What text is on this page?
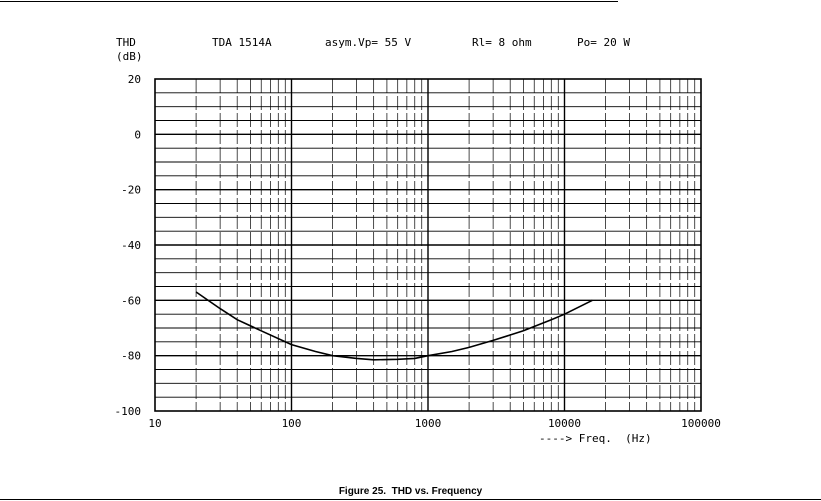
TDA 1514A	asym.Vp= 55 V	Rl= 8 ohm	Po= 20 W
THD
(dB)
20
0
-20
-40
-60
-80
-100
10	100	1000	10000	100000
----> Freq.  (Hz)
Figure 25.  THD vs. Frequency
